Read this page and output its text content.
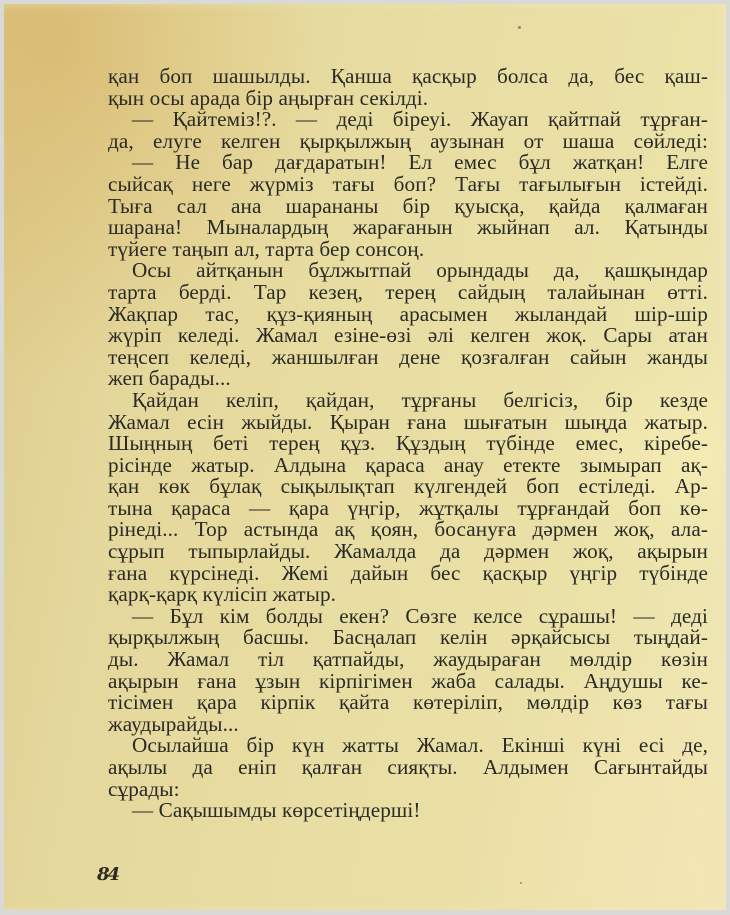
қан боп шашылды. Қанша қасқыр болса да, бес қаш-
қын осы арада бір аңырған секілді.
— Қайтеміз!?. — деді біреуі. Жауап қайтпай тұрған-
да, елуге келген қырқылжың аузынан от шаша сөйледі:
— Не бар дағдаратын! Ел емес бұл жатқан! Елге
сыйсақ неге жүрміз тағы боп? Тағы тағылығын істейді.
Тыға сал ана шарананы бір қуысқа, қайда қалмаған
шарана! Мыналардың жарағанын жыйнап ал. Қатынды
түйеге таңып ал, тарта бер сонсоң.
Осы айтқанын бұлжытпай орындады да, қашқындар
тарта берді. Тар кезең, терең сайдың талайынан өтті.
Жақпар тас, құз-қияның арасымен жыландай шір-шір
жүріп келеді. Жамал езіне-өзі әлі келген жоқ. Сары атан
теңсеп келеді, жаншылған дене қозғалған сайын жанды
жеп барады...
Қайдан келіп, қайдан, тұрғаны белгісіз, бір кезде
Жамал есін жыйды. Қыран ғана шығатын шыңда жатыр.
Шыңның беті терең құз. Құздың түбінде емес, кіребе-
рісінде жатыр. Алдына қараса анау етекте зымырап ақ-
қан көк бұлақ сықылықтап күлгендей боп естіледі. Ар-
тына қараса — қара үңгір, жұтқалы тұрғандай боп кө-
рінеді... Тор астында ақ қоян, босануға дәрмен жоқ, ала-
сұрып тыпырлайды. Жамалда да дәрмен жоқ, ақырын
ғана күрсінеді. Жемі дайын бес қасқыр үңгір түбінде
қарқ-қарқ күлісіп жатыр.
— Бұл кім болды екен? Сөзге келсе сұрашы! — деді
қырқылжың басшы. Басңалап келін әрқайсысы тыңдай-
ды. Жамал тіл қатпайды, жаудыраған мөлдір көзін
ақырын ғана ұзын кірпігімен жаба салады. Аңдушы ке-
тісімен қара кірпік қайта көтеріліп, мөлдір көз тағы
жаудырайды...
Осылайша бір күн жатты Жамал. Екінші күні есі де,
ақылы да еніп қалған сияқты. Алдымен Сағынтайды
сұрады:
— Сақышымды көрсетіңдерші!
84
